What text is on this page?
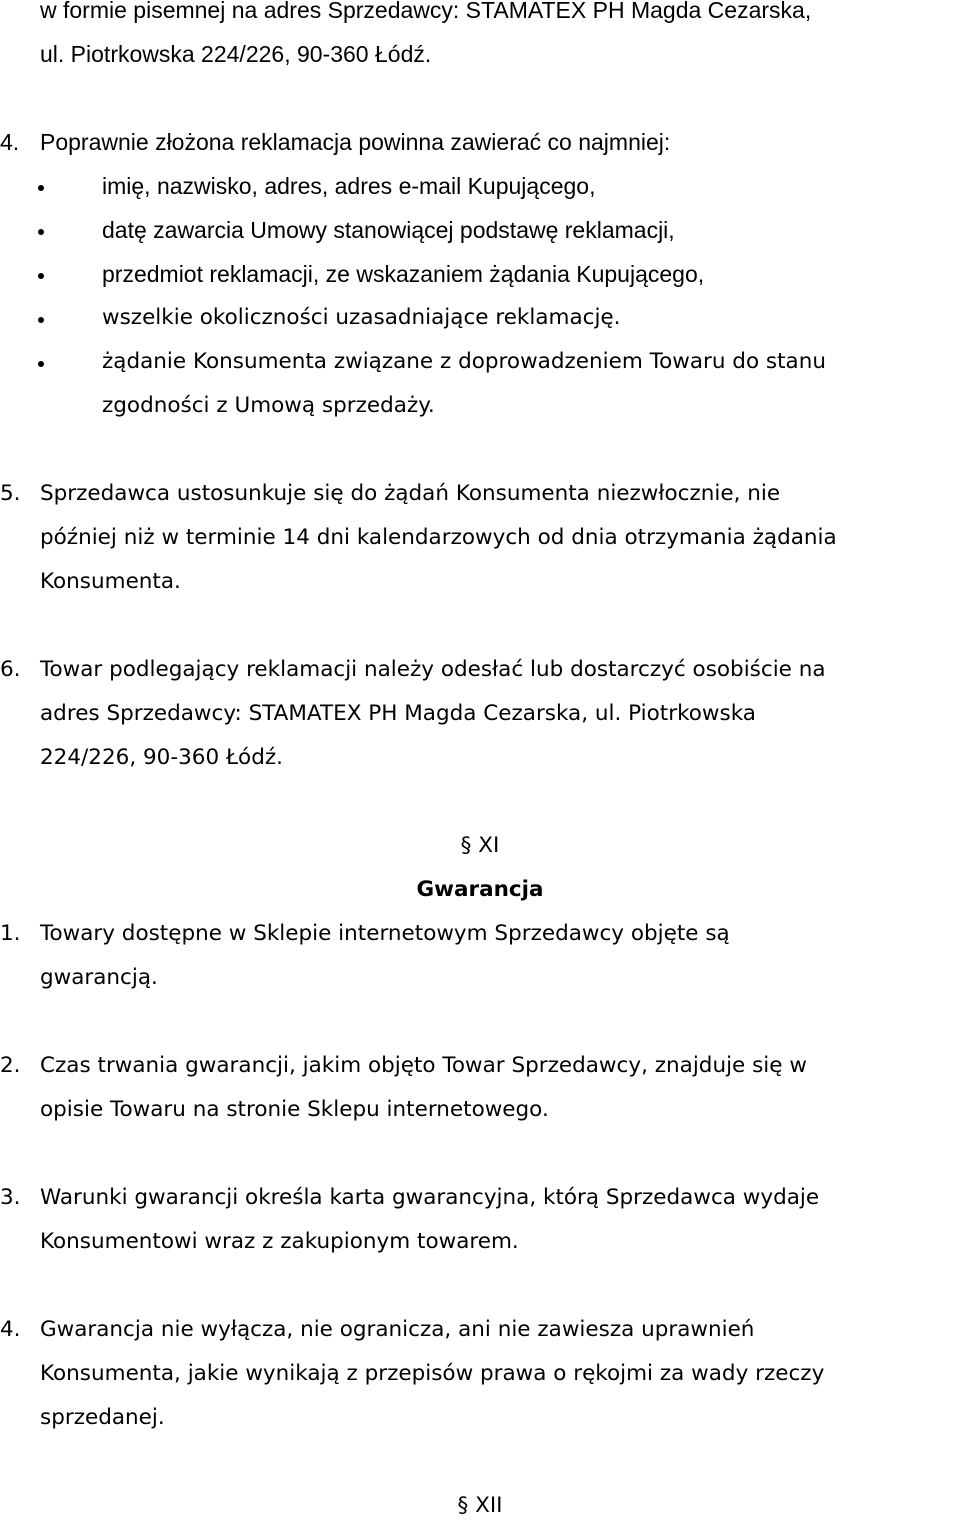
w formie pisemnej na adres Sprzedawcy: STAMATEX PH Magda Cezarska,
ul. Piotrkowska 224/226, 90-360 Łódź.
4. Poprawnie złożona reklamacja powinna zawierać co najmniej:
imię, nazwisko, adres, adres e-mail Kupującego,
datę zawarcia Umowy stanowiącej podstawę reklamacji,
przedmiot reklamacji, ze wskazaniem żądania Kupującego,
wszelkie okoliczności uzasadniające reklamację.
żądanie Konsumenta związane z doprowadzeniem Towaru do stanu
zgodności z Umową sprzedaży.
5. Sprzedawca ustosunkuje się do żądań Konsumenta niezwłocznie, nie
później niż w terminie 14 dni kalendarzowych od dnia otrzymania żądania
Konsumenta.
6. Towar podlegający reklamacji należy odesłać lub dostarczyć osobiście na
adres Sprzedawcy: STAMATEX PH Magda Cezarska, ul. Piotrkowska
224/226, 90-360 Łódź.
§ XI
Gwarancja
1. Towary dostępne w Sklepie internetowym Sprzedawcy objęte są
gwarancją.
2. Czas trwania gwarancji, jakim objęto Towar Sprzedawcy, znajduje się w
opisie Towaru na stronie Sklepu internetowego.
3. Warunki gwarancji określa karta gwarancyjna, którą Sprzedawca wydaje
Konsumentowi wraz z zakupionym towarem.
4. Gwarancja nie wyłącza, nie ogranicza, ani nie zawiesza uprawnień
Konsumenta, jakie wynikają z przepisów prawa o rękojmi za wady rzeczy
sprzedanej.
§ XII
